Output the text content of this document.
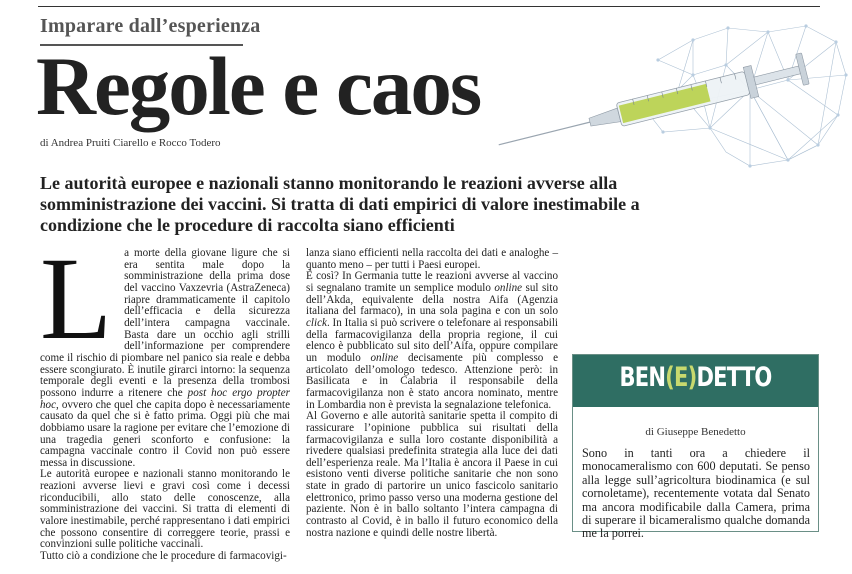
Imparare dall’esperienza
Regole e caos
di Andrea Pruiti Ciarello e Rocco Todero
Le autorità europee e nazionali stanno monitorando le reazioni avverse alla somministrazione dei vaccini. Si tratta di dati empirici di valore inestimabile a condizione che le procedure di raccolta siano efficienti

L a morte della giovane ligure che si era sentita male dopo la somministrazione della prima dose del vaccino Vaxzevria (AstraZeneca) riapre drammaticamente il capitolo dell’efficacia e della sicurezza dell’intera campagna vaccinale. Basta dare un occhio agli strilli dell’informazione per comprendere come il rischio di piombare nel panico sia reale e debba essere scongiurato. È inutile girarci intorno: la sequenza temporale degli eventi e la presenza della trombosi possono indurre a ritenere che post hoc ergo propter hoc, ovvero che quel che capita dopo è necessariamente causato da quel che si è fatto prima. Oggi più che mai dobbiamo usare la ragione per evitare che l’emozione di una tragedia generi sconforto e confusione: la campagna vaccinale contro il Covid non può essere messa in discussione.

Le autorità europee e nazionali stanno monitorando le reazioni avverse lievi e gravi così come i decessi riconducibili, allo stato delle conoscenze, alla somministrazione dei vaccini. Si tratta di elementi di valore inestimabile, perché rappresentano i dati empirici che possono consentire di correggere teorie, prassi e convinzioni sulle politiche vaccinali.

Tutto ciò a condizione che le procedure di farmacovigi-

lanza siano efficienti nella raccolta dei dati e analoghe – quanto meno – per tutti i Paesi europei.

È così? In Germania tutte le reazioni avverse al vaccino si segnalano tramite un semplice modulo online sul sito dell’Akda, equivalente della nostra Aifa (Agenzia italiana del farmaco), in una sola pagina e con un solo click. In Italia si può scrivere o telefonare ai responsabili della farmacovigilanza della propria regione, il cui elenco è pubblicato sul sito dell’Aifa, oppure compilare un modulo online decisamente più complesso e articolato dell’omologo tedesco. Attenzione però: in Basilicata e in Calabria il responsabile della farmacovigilanza non è stato ancora nominato, mentre in Lombardia non è prevista la segnalazione telefonica.

Al Governo e alle autorità sanitarie spetta il compito di rassicurare l’opinione pubblica sui risultati della farmacovigilanza e sulla loro costante disponibilità a rivedere qualsiasi predefinita strategia alla luce dei dati dell’esperienza reale. Ma l’Italia è ancora il Paese in cui esistono venti diverse politiche sanitarie che non sono state in grado di partorire un unico fascicolo sanitario elettronico, primo passo verso una moderna gestione del paziente. Non è in ballo soltanto l’intera campagna di contrasto al Covid, è in ballo il futuro economico della nostra nazione e quindi delle nostre libertà.

BEN(E)DETTO
di Giuseppe Benedetto
Sono in tanti ora a chiedere il monocameralismo con 600 deputati. Se penso alla legge sull’agricoltura biodinamica (e sul cornoletame), recentemente votata dal Senato ma ancora modificabile dalla Camera, prima di superare il bicameralismo qualche domanda me la porrei.
